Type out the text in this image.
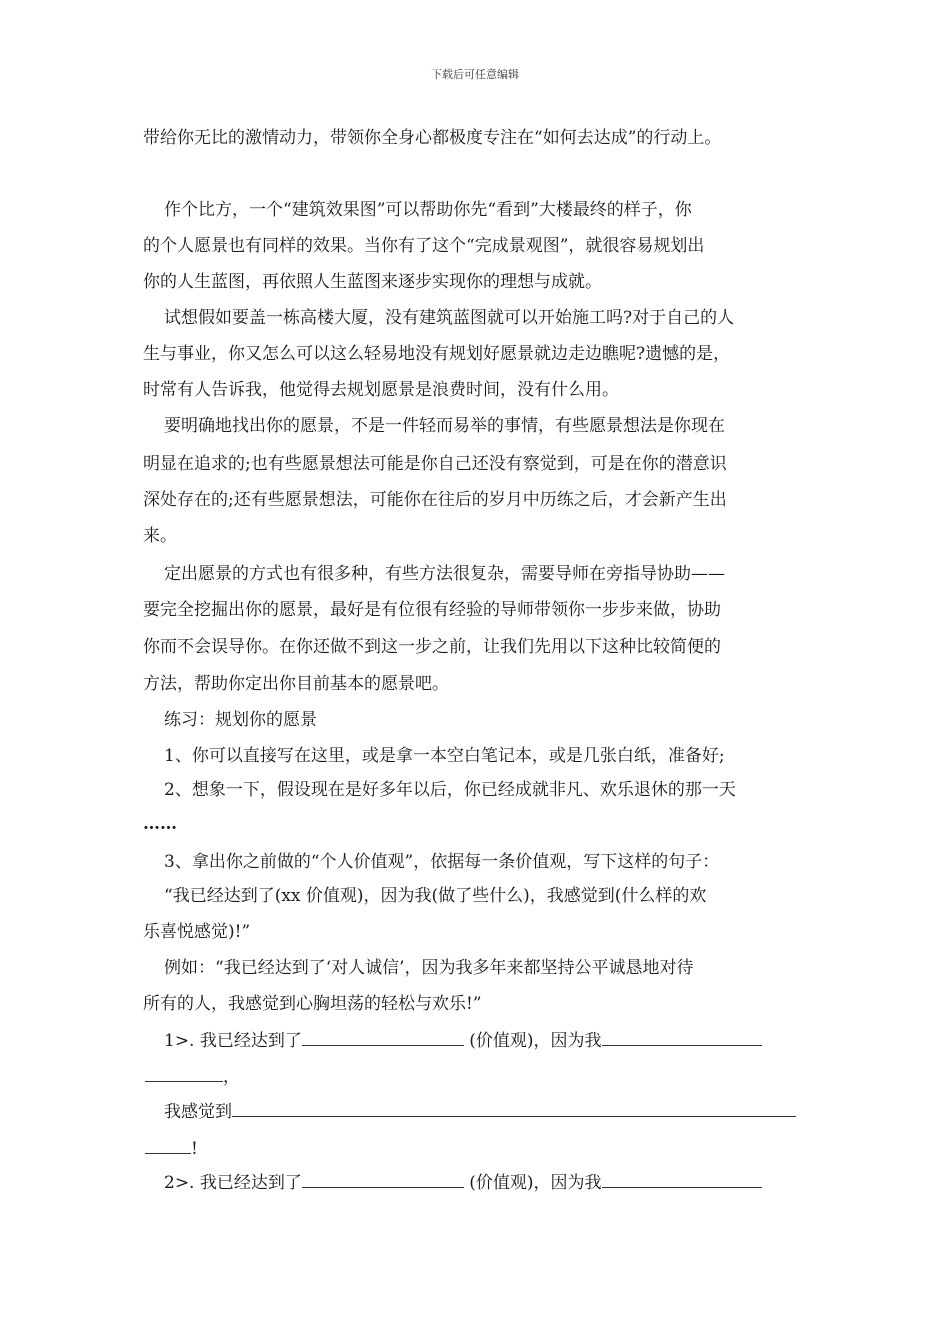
下载后可任意编辑
带给你无比的激情动力，带领你全身心都极度专注在“如何去达成”的行动上。
作个比方，一个“建筑效果图”可以帮助你先“看到”大楼最终的样子，你
的个人愿景也有同样的效果。当你有了这个“完成景观图”，就很容易规划出
你的人生蓝图，再依照人生蓝图来逐步实现你的理想与成就。
试想假如要盖一栋高楼大厦，没有建筑蓝图就可以开始施工吗?对于自己的人
生与事业，你又怎么可以这么轻易地没有规划好愿景就边走边瞧呢?遗憾的是，
时常有人告诉我，他觉得去规划愿景是浪费时间，没有什么用。
要明确地找出你的愿景，不是一件轻而易举的事情，有些愿景想法是你现在
明显在追求的;也有些愿景想法可能是你自己还没有察觉到，可是在你的潜意识
深处存在的;还有些愿景想法，可能你在往后的岁月中历练之后，才会新产生出
来。
定出愿景的方式也有很多种，有些方法很复杂，需要导师在旁指导协助——
要完全挖掘出你的愿景，最好是有位很有经验的导师带领你一步步来做，协助
你而不会误导你。在你还做不到这一步之前，让我们先用以下这种比较简便的
方法，帮助你定出你目前基本的愿景吧。
练习：规划你的愿景
1、你可以直接写在这里，或是拿一本空白笔记本，或是几张白纸，准备好;
2、想象一下，假设现在是好多年以后，你已经成就非凡、欢乐退休的那一天
……
3、拿出你之前做的“个人价值观”，依据每一条价值观，写下这样的句子：
“我已经达到了(xx 价值观)，因为我(做了些什么)，我感觉到(什么样的欢
乐喜悦感觉)!”
例如：“我已经达到了‘对人诚信’，因为我多年来都坚持公平诚恳地对待
所有的人，我感觉到心胸坦荡的轻松与欢乐!”
1>. 我已经达到了	(价值观)，因为我
，
我感觉到
!
2>. 我已经达到了	(价值观)，因为我
